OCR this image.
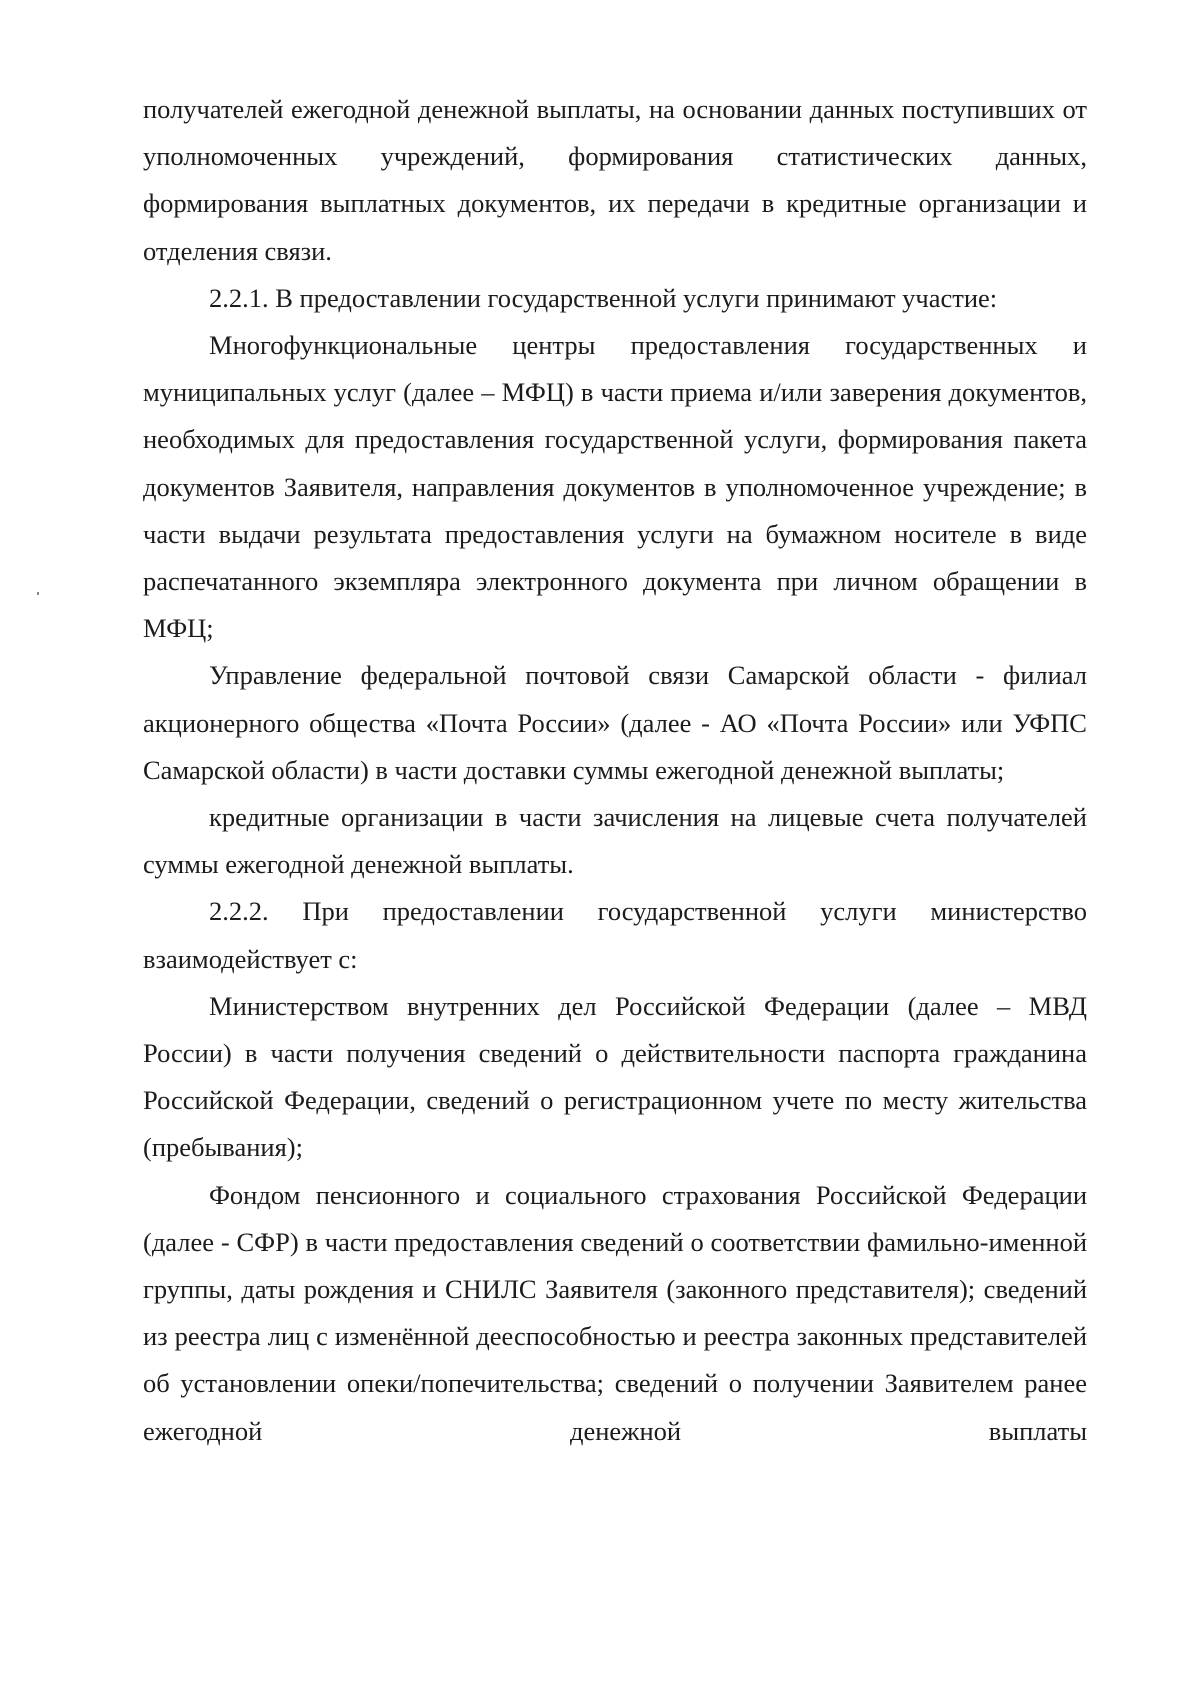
получателей ежегодной денежной выплаты, на основании данных поступивших от уполномоченных учреждений, формирования статистических данных, формирования выплатных документов, их передачи в кредитные организации и отделения связи.

2.2.1. В предоставлении государственной услуги принимают участие:

Многофункциональные центры предоставления государственных и муниципальных услуг (далее – МФЦ) в части приема и/или заверения документов, необходимых для предоставления государственной услуги, формирования пакета документов Заявителя, направления документов в уполномоченное учреждение; в части выдачи результата предоставления услуги на бумажном носителе в виде распечатанного экземпляра электронного документа при личном обращении в МФЦ;

Управление федеральной почтовой связи Самарской области - филиал акционерного общества «Почта России» (далее - АО «Почта России» или УФПС Самарской области) в части доставки суммы ежегодной денежной выплаты;

кредитные организации в части зачисления на лицевые счета получателей суммы ежегодной денежной выплаты.

2.2.2. При предоставлении государственной услуги министерство взаимодействует с:

Министерством внутренних дел Российской Федерации (далее – МВД России) в части получения сведений о действительности паспорта гражданина Российской Федерации, сведений о регистрационном учете по месту жительства (пребывания);

Фондом пенсионного и социального страхования Российской Федерации (далее - СФР) в части предоставления сведений о соответствии фамильно-именной группы, даты рождения и СНИЛС Заявителя (законного представителя); сведений из реестра лиц с изменённой дееспособностью и реестра законных представителей об установлении опеки/попечительства; сведений о получении Заявителем ранее ежегодной денежной выплаты
